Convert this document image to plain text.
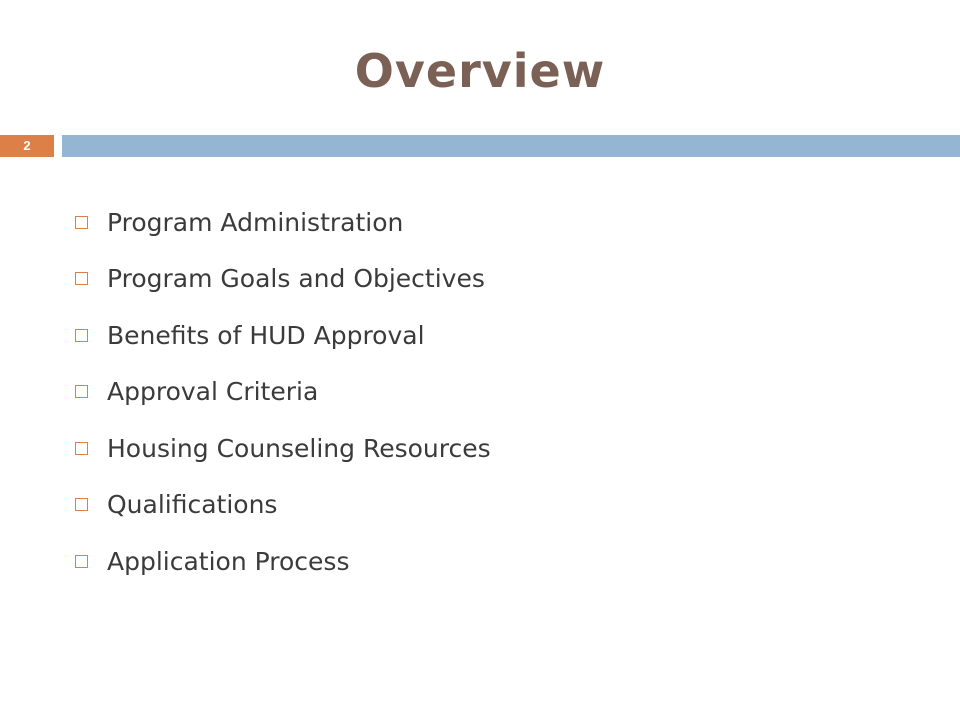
Overview
2
Program Administration
Program Goals and Objectives
Benefits of HUD Approval
Approval Criteria
Housing Counseling Resources
Qualifications
Application Process
